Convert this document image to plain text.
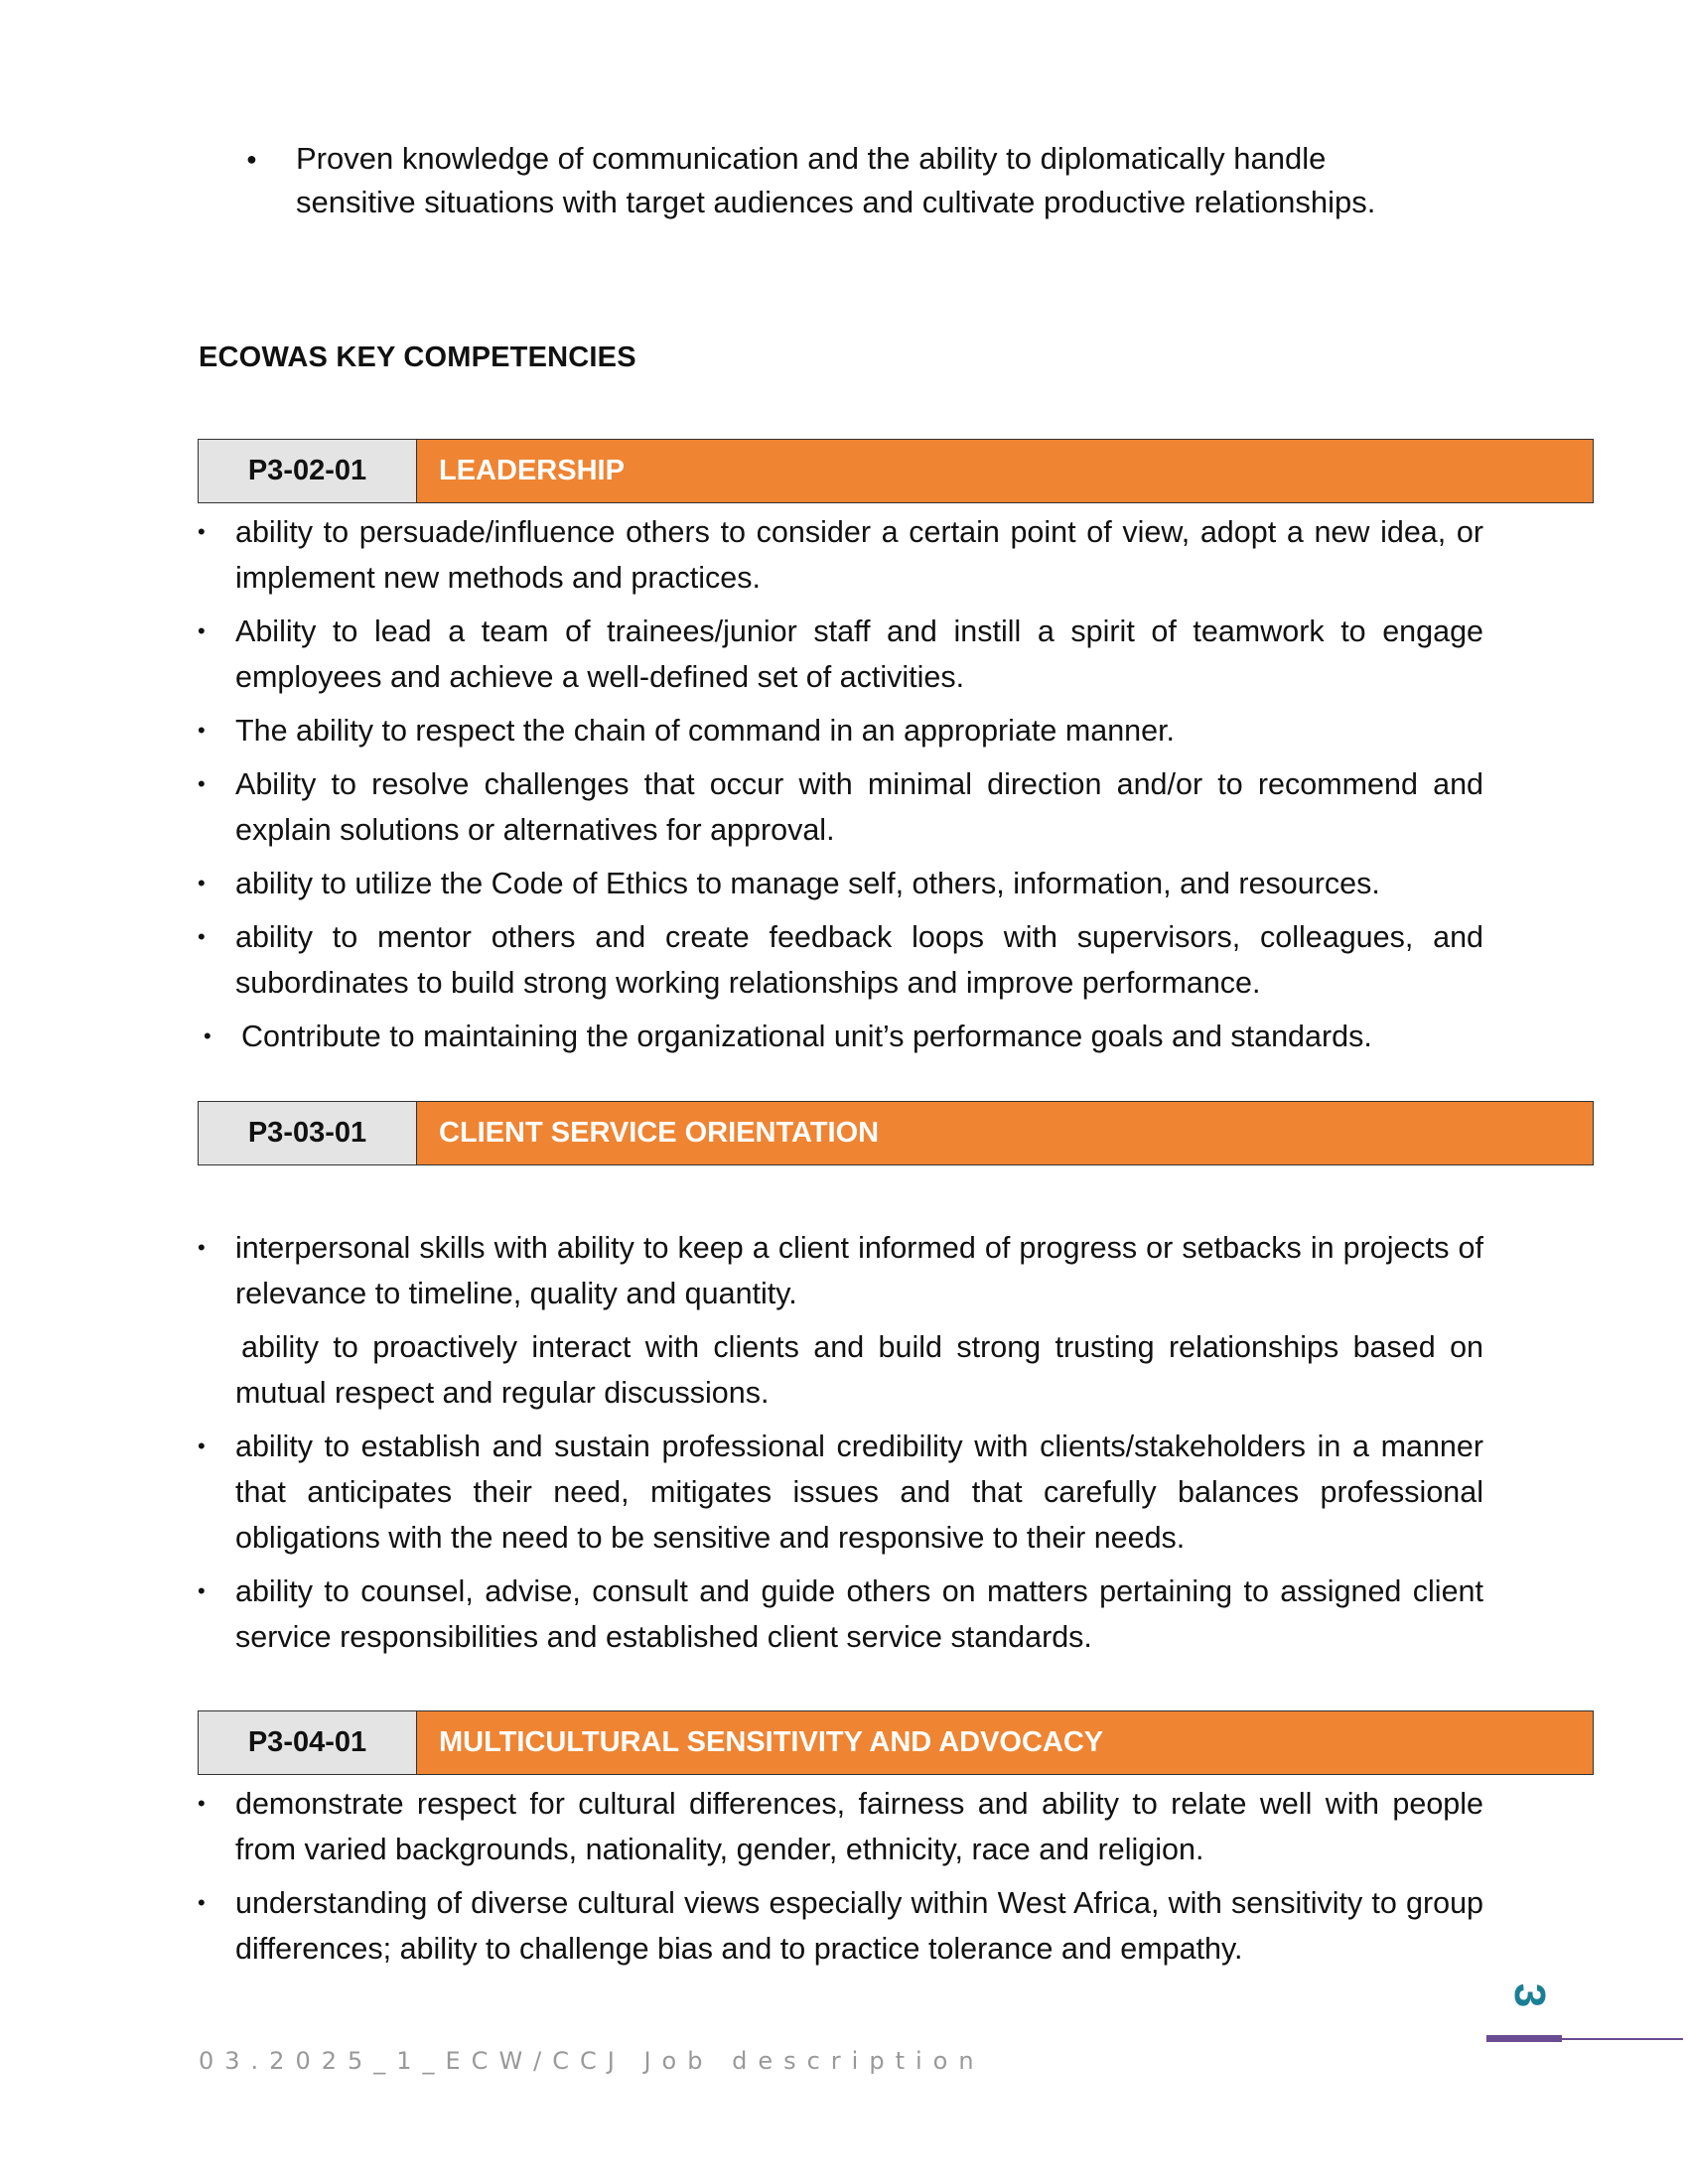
● Proven knowledge of communication and the ability to diplomatically handle sensitive situations with target audiences and cultivate productive relationships.
ECOWAS KEY COMPETENCIES
P3-02-01	LEADERSHIP
• ability to persuade/influence others to consider a certain point of view, adopt a new idea, or implement new methods and practices.
• Ability to lead a team of trainees/junior staff and instill a spirit of teamwork to engage employees and achieve a well-defined set of activities.
• The ability to respect the chain of command in an appropriate manner.
• Ability to resolve challenges that occur with minimal direction and/or to recommend and explain solutions or alternatives for approval.
• ability to utilize the Code of Ethics to manage self, others, information, and resources.
• ability to mentor others and create feedback loops with supervisors, colleagues, and subordinates to build strong working relationships and improve performance.
• Contribute to maintaining the organizational unit’s performance goals and standards.
P3-03-01	CLIENT SERVICE ORIENTATION
• interpersonal skills with ability to keep a client informed of progress or setbacks in projects of relevance to timeline, quality and quantity.
ability to proactively interact with clients and build strong trusting relationships based on mutual respect and regular discussions.
• ability to establish and sustain professional credibility with clients/stakeholders in a manner that anticipates their need, mitigates issues and that carefully balances professional obligations with the need to be sensitive and responsive to their needs.
• ability to counsel, advise, consult and guide others on matters pertaining to assigned client service responsibilities and established client service standards.
P3-04-01	MULTICULTURAL SENSITIVITY AND ADVOCACY
• demonstrate respect for cultural differences, fairness and ability to relate well with people from varied backgrounds, nationality, gender, ethnicity, race and religion.
• understanding of diverse cultural views especially within West Africa, with sensitivity to group differences; ability to challenge bias and to practice tolerance and empathy.
3
03.2025_1_ECW/CCJ Job description
